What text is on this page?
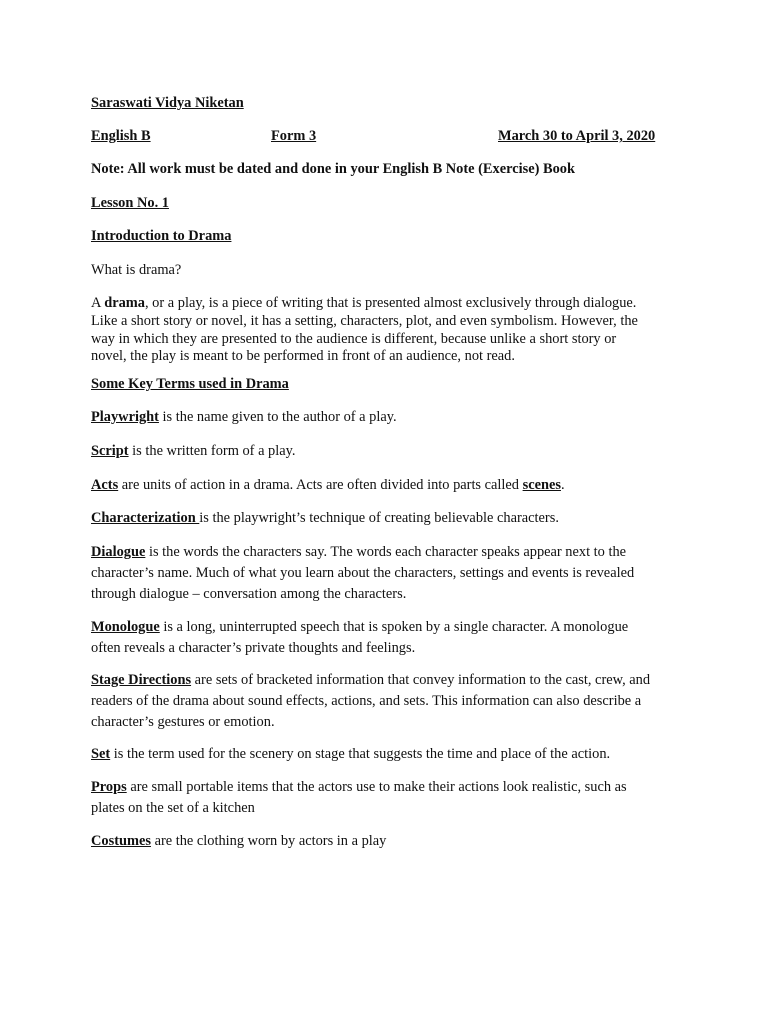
Saraswati Vidya Niketan
English B	Form 3	March 30 to April 3, 2020
Note: All work must be dated and done in your English B Note (Exercise) Book
Lesson No. 1
Introduction to Drama
What is drama?
A drama, or a play, is a piece of writing that is presented almost exclusively through dialogue.
Like a short story or novel, it has a setting, characters, plot, and even symbolism. However, the
way in which they are presented to the audience is different, because unlike a short story or
novel, the play is meant to be performed in front of an audience, not read.
Some Key Terms used in Drama
Playwright is the name given to the author of a play.
Script is the written form of a play.
Acts are units of action in a drama. Acts are often divided into parts called scenes.
Characterization is the playwright’s technique of creating believable characters.
Dialogue is the words the characters say. The words each character speaks appear next to the
character’s name. Much of what you learn about the characters, settings and events is revealed
through dialogue – conversation among the characters.
Monologue is a long, uninterrupted speech that is spoken by a single character. A monologue
often reveals a character’s private thoughts and feelings.
Stage Directions are sets of bracketed information that convey information to the cast, crew, and
readers of the drama about sound effects, actions, and sets. This information can also describe a
character’s gestures or emotion.
Set is the term used for the scenery on stage that suggests the time and place of the action.
Props are small portable items that the actors use to make their actions look realistic, such as
plates on the set of a kitchen
Costumes are the clothing worn by actors in a play
